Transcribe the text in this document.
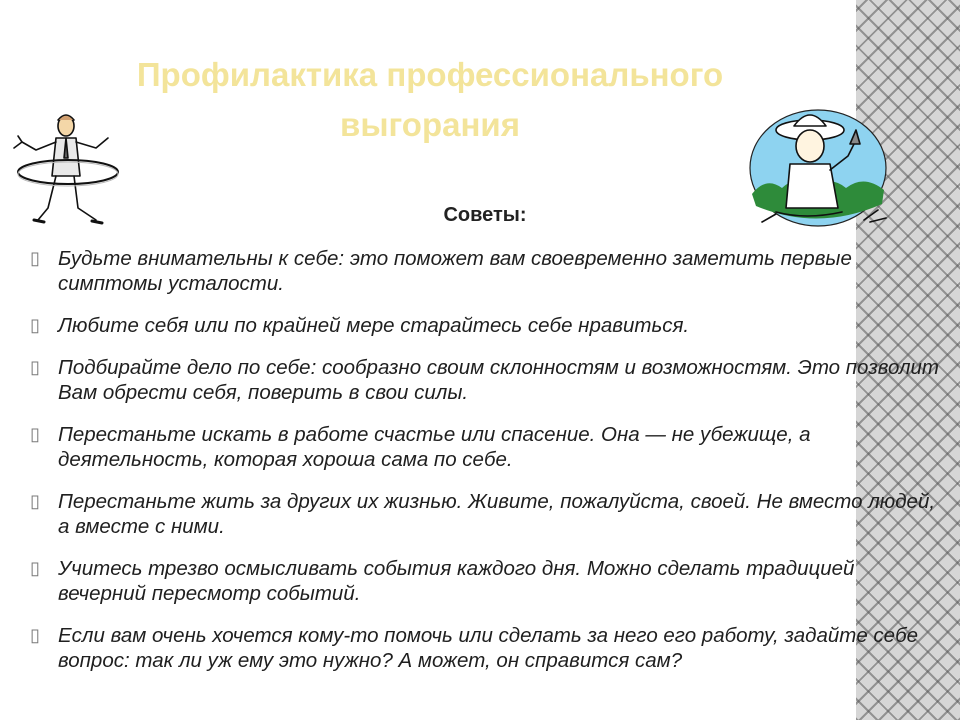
Профилактика профессионального
выгорания
Советы:
▯ Будьте внимательны к себе: это поможет вам своевременно заметить первые симптомы усталости.
▯ Любите себя или по крайней мере старайтесь себе нравиться.
▯ Подбирайте дело по себе: сообразно своим склонностям и возможностям. Это позволит Вам обрести себя, поверить в свои силы.
▯ Перестаньте искать в работе счастье или спасение. Она — не убежище, а деятельность, которая хороша сама по себе.
▯ Перестаньте жить за других их жизнью. Живите, пожалуйста, своей. Не вместо людей, а вместе с ними.
▯ Учитесь трезво осмысливать события каждого дня. Можно сделать традицией вечерний пересмотр событий.
▯ Если вам очень хочется кому-то помочь или сделать за него его работу, задайте себе вопрос: так ли уж ему это нужно? А может, он справится сам?
